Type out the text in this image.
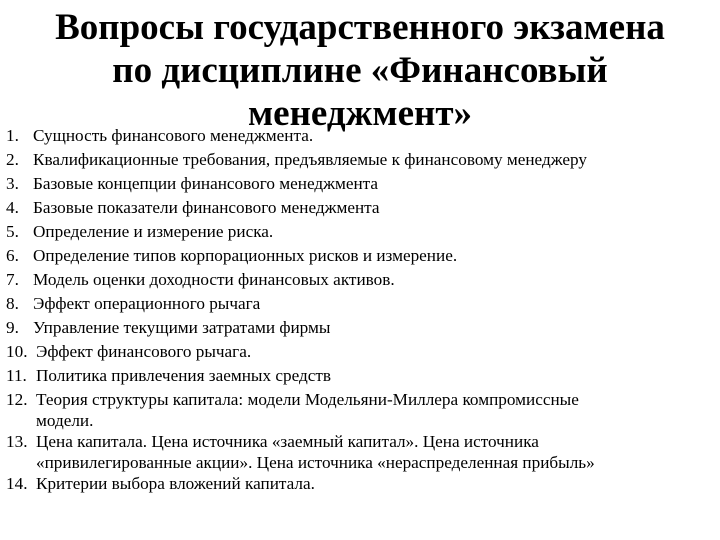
Вопросы государственного экзамена
по дисциплине «Финансовый
менеджмент»
1. Сущность финансового менеджмента.
2. Квалификационные требования, предъявляемые к финансовому менеджеру
3. Базовые концепции финансового менеджмента
4. Базовые показатели финансового менеджмента
5. Определение и измерение риска.
6. Определение типов корпорационных рисков и измерение.
7. Модель оценки доходности финансовых активов.
8. Эффект операционного рычага
9. Управление текущими затратами фирмы
10. Эффект финансового рычага.
11. Политика привлечения заемных средств
12. Теория структуры капитала: модели Модельяни-Миллера компромиссные
модели.
13. Цена капитала. Цена источника «заемный капитал». Цена источника
«привилегированные акции». Цена источника «нераспределенная прибыль»
14. Критерии выбора вложений капитала.
